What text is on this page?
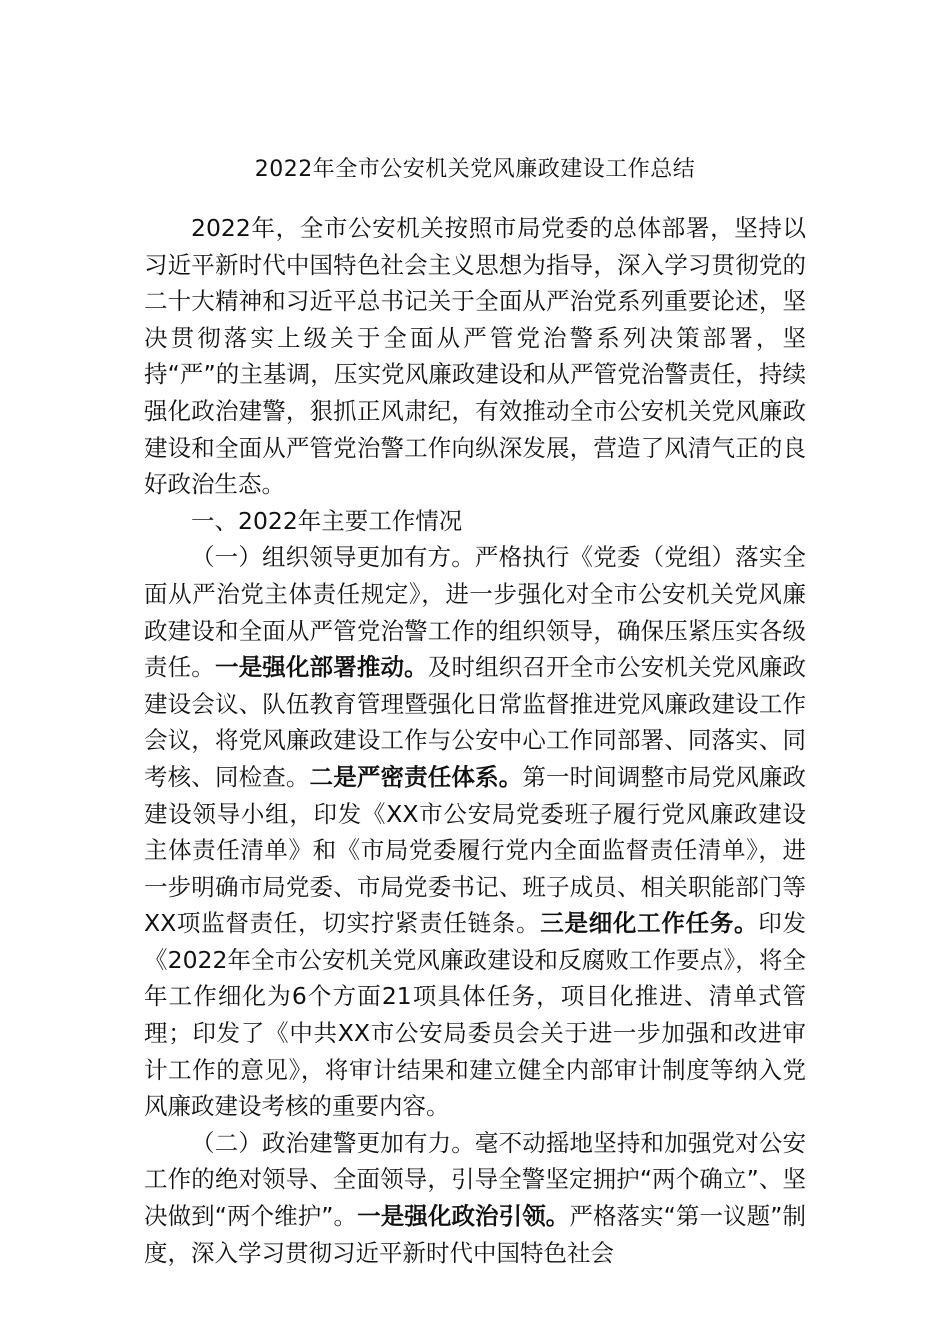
2022年全市公安机关党风廉政建设工作总结

2022年，全市公安机关按照市局党委的总体部署，坚持以习近平新时代中国特色社会主义思想为指导，深入学习贯彻党的二十大精神和习近平总书记关于全面从严治党系列重要论述，坚决贯彻落实上级关于全面从严管党治警系列决策部署，坚持“严”的主基调，压实党风廉政建设和从严管党治警责任，持续强化政治建警，狠抓正风肃纪，有效推动全市公安机关党风廉政建设和全面从严管党治警工作向纵深发展，营造了风清气正的良好政治生态。

一、2022年主要工作情况

（一）组织领导更加有方。严格执行《党委（党组）落实全面从严治党主体责任规定》，进一步强化对全市公安机关党风廉政建设和全面从严管党治警工作的组织领导，确保压紧压实各级责任。一是强化部署推动。及时组织召开全市公安机关党风廉政建设会议、队伍教育管理暨强化日常监督推进党风廉政建设工作会议，将党风廉政建设工作与公安中心工作同部署、同落实、同考核、同检查。二是严密责任体系。第一时间调整市局党风廉政建设领导小组，印发《XX市公安局党委班子履行党风廉政建设主体责任清单》和《市局党委履行党内全面监督责任清单》，进一步明确市局党委、市局党委书记、班子成员、相关职能部门等XX项监督责任，切实拧紧责任链条。三是细化工作任务。印发《2022年全市公安机关党风廉政建设和反腐败工作要点》，将全年工作细化为6个方面21项具体任务，项目化推进、清单式管理；印发了《中共XX市公安局委员会关于进一步加强和改进审计工作的意见》，将审计结果和建立健全内部审计制度等纳入党风廉政建设考核的重要内容。

（二）政治建警更加有力。毫不动摇地坚持和加强党对公安工作的绝对领导、全面领导，引导全警坚定拥护“两个确立”、坚决做到“两个维护”。一是强化政治引领。严格落实“第一议题”制度，深入学习贯彻习近平新时代中国特色社会
